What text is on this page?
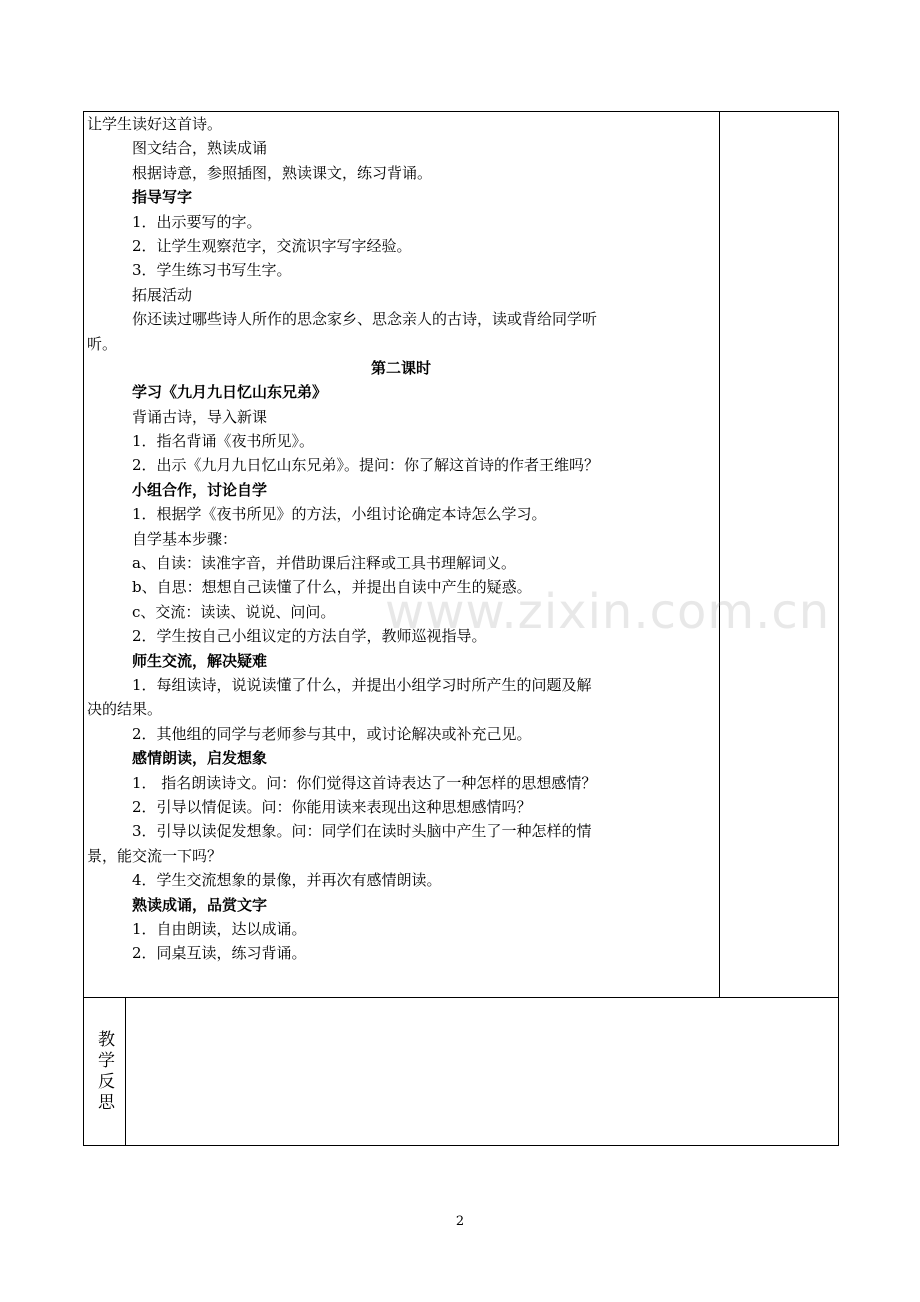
让学生读好这首诗。
图文结合，熟读成诵
根据诗意，参照插图，熟读课文，练习背诵。
指导写字
1．出示要写的字。
2．让学生观察范字，交流识字写字经验。
3．学生练习书写生字。
拓展活动
你还读过哪些诗人所作的思念家乡、思念亲人的古诗，读或背给同学听
听。
第二课时
学习《九月九日忆山东兄弟》
背诵古诗，导入新课
1．指名背诵《夜书所见》。
2．出示《九月九日忆山东兄弟》。提问：你了解这首诗的作者王维吗？
小组合作，讨论自学
1．根据学《夜书所见》的方法，小组讨论确定本诗怎么学习。
自学基本步骤：
a、自读：读准字音，并借助课后注释或工具书理解词义。
b、自思：想想自己读懂了什么，并提出自读中产生的疑惑。
c、交流：读读、说说、问问。
2．学生按自己小组议定的方法自学，教师巡视指导。
师生交流，解决疑难
1．每组读诗，说说读懂了什么，并提出小组学习时所产生的问题及解
决的结果。
2．其他组的同学与老师参与其中，或讨论解决或补充己见。
感情朗读，启发想象
1． 指名朗读诗文。问：你们觉得这首诗表达了一种怎样的思想感情？
2．引导以情促读。问：你能用读来表现出这种思想感情吗？
3．引导以读促发想象。问：同学们在读时头脑中产生了一种怎样的情
景，能交流一下吗？
4．学生交流想象的景像，并再次有感情朗读。
熟读成诵，品赏文字
1．自由朗读，达以成诵。
2．同桌互读，练习背诵。
教学反思
www.zixin.com.cn
2
